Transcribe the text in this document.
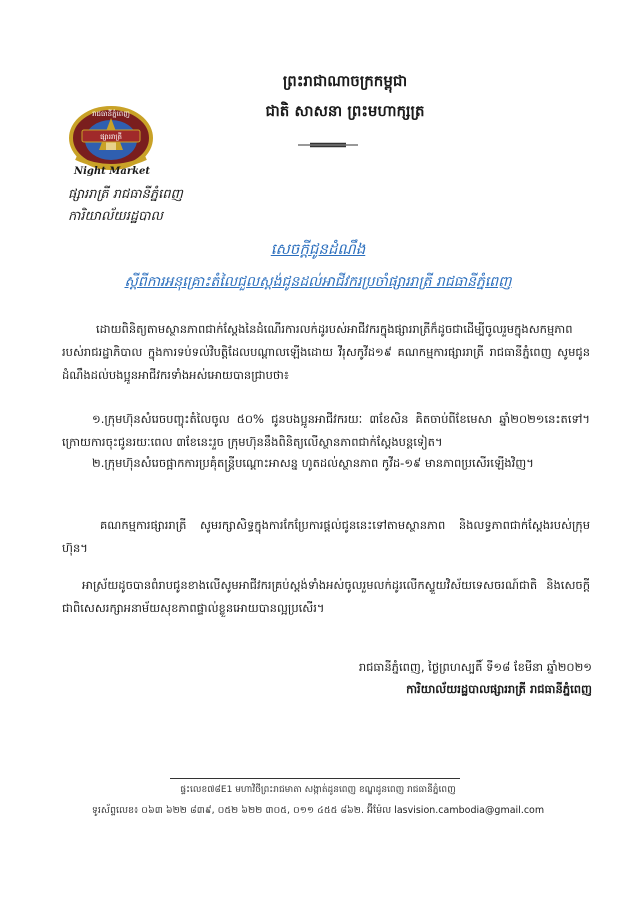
ព្រះរាជាណាចក្រកម្ពុជា
ជាតិ សាសនា ព្រះមហាក្សត្រ
រាជធានីភ្នំពេញ
ផ្សាររាត្រី
Night Market
ផ្សាររាត្រី រាជធានីភ្នំពេញ
ការិយាល័យរដ្ឋបាល
សេចក្តីជូនដំណឹង
ស្តីពីការអនុគ្រោះតំលៃជួលស្តង់ជូនដល់អាជីវករប្រចាំផ្សាររាត្រី រាជធានីភ្នំពេញ
ដោយពិនិត្យតាមស្ថានភាពជាក់ស្តែងនៃដំណើរការលក់ដូរបស់អាជីវករក្នុងផ្សាររាត្រីក៏ដូចជាដើម្បីចូលរួមក្នុងសកម្មភាពរបស់រាជរដ្ឋាភិបាល ក្នុងការទប់ទល់វិបត្តិដែលបណ្តាលឡើងដោយ វីរុសកូវីដ១៩ គណកម្មការផ្សាររាត្រី រាជធានីភ្នំពេញ សូមជូនដំណឹងដល់បងប្អូនអាជីវករទាំងអស់អោយបានជ្រាបថា៖
១.ក្រុមហ៊ុនសំរេចបញ្ចុះតំលៃចូល ៥០% ជូនបងប្អូនអាជីវករយៈ ៣ខែសិន គិតចាប់ពីខែមេសា ឆ្នាំ២០២១នេះតទៅ។ ក្រោយការចុះជូនរយៈពេល ៣ខែនេះរួច ក្រុមហ៊ុននឹងពិនិត្យលើស្ថានភាពជាក់ស្តែងបន្តទៀត។
២.ក្រុមហ៊ុនសំរេចផ្អាកការប្រគុំតន្ត្រីបណ្តោះអាសន្ន ហូតដល់ស្ថានភាព កូវីដ-១៩ មានភាពប្រសើរឡើងវិញ។
គណកម្មការផ្សាររាត្រី សូមរក្សាសិទ្ធក្នុងការកែប្រែការផ្តល់ជូននេះទៅតាមស្ថានភាព និងលទ្ធភាពជាក់ស្តែងរបស់ក្រុមហ៊ុន។
អាស្រ័យដូចបានពំរាបជូនខាងលើសូមអាជីវករគ្រប់ស្តង់ទាំងអស់ចូលរួមលក់ដូរលើកស្ទួយវិស័យទេសចរណ៍ជាតិ និងសេចក្តីជាពិសេសរក្សាអនាម័យសុខភាពផ្ទាល់ខ្លួនអោយបានល្អប្រសើរ។
រាជធានីភ្នំពេញ, ថ្ងៃព្រហស្បតិ៍ ទី១៨ ខែមីនា ឆ្នាំ២០២១
ការិយាល័យរដ្ឋបាលផ្សាររាត្រី រាជធានីភ្នំពេញ
ផ្ទះលេខ៧៨E1 មហាវិថីព្រះរាជមាតា សង្កាត់ដូនពេញ ខណ្ឌដូនពេញ រាជធានីភ្នំពេញ
ទូរស័ព្ទលេខ៖ ០៦៣ ៦២២ ៨៣៩, ០៥២ ៦២២ ៣០៥, ០១១ ៤៥៥ ៨៦២. អ៊ីម៉ែល lasvision.cambodia@gmail.com
